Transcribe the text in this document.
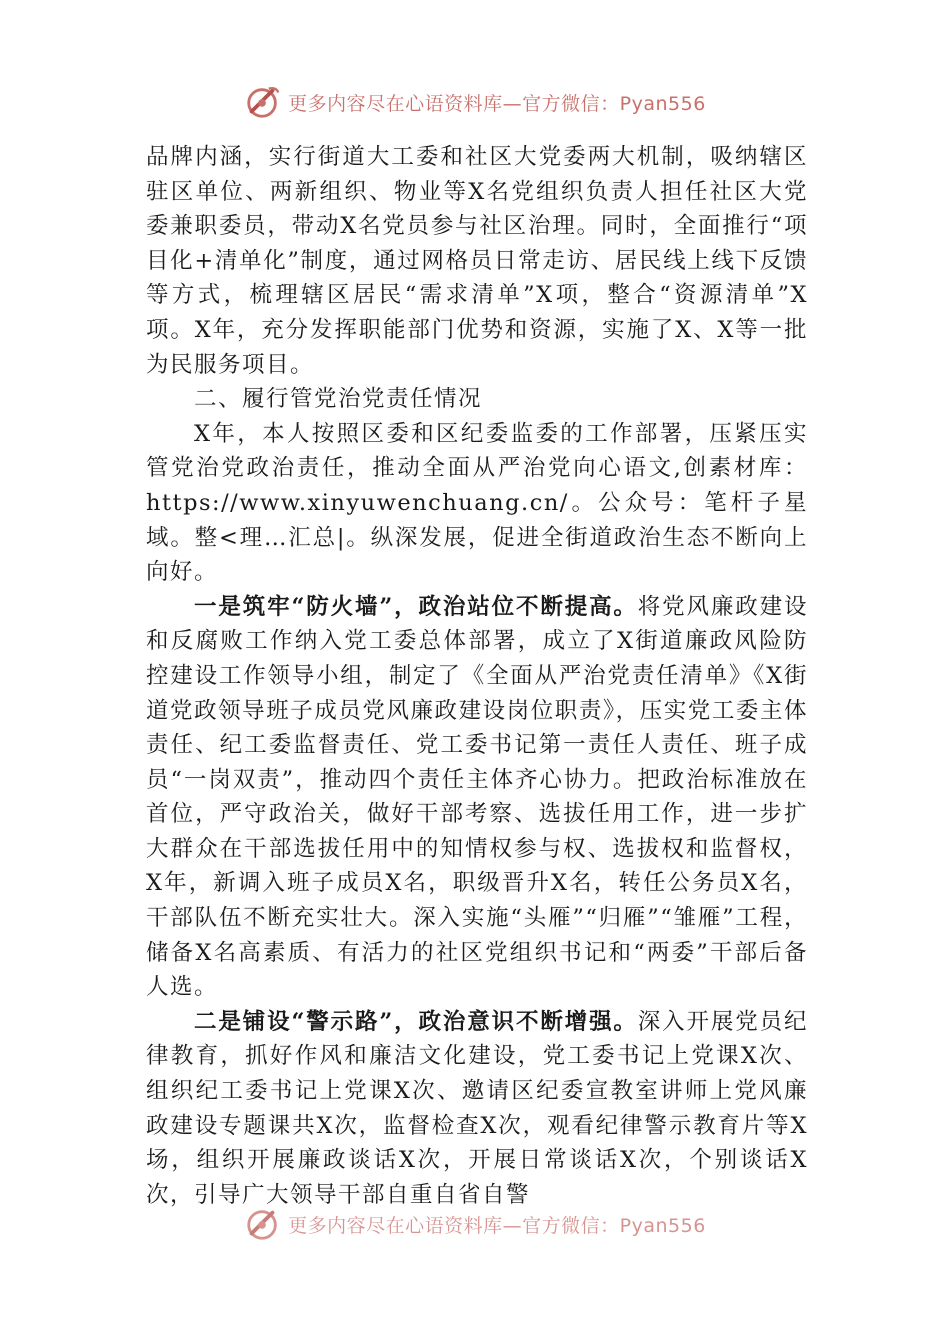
更多内容尽在心语资料库—官方微信：Pyan556

品牌内涵，实行街道大工委和社区大党委两大机制，吸纳辖区驻区单位、两新组织、物业等X名党组织负责人担任社区大党委兼职委员，带动X名党员参与社区治理。同时，全面推行“项目化+清单化”制度，通过网格员日常走访、居民线上线下反馈等方式，梳理辖区居民“需求清单”X项，整合“资源清单”X项。X年，充分发挥职能部门优势和资源，实施了X、X等一批为民服务项目。

二、履行管党治党责任情况

X年，本人按照区委和区纪委监委的工作部署，压紧压实管党治党政治责任，推动全面从严治党向心语文,创素材库：https://www.xinyuwenchuang.cn/。公众号：笔杆子星域。整<理…汇总|。纵深发展，促进全街道政治生态不断向上向好。

一是筑牢“防火墙”，政治站位不断提高。将党风廉政建设和反腐败工作纳入党工委总体部署，成立了X街道廉政风险防控建设工作领导小组，制定了《全面从严治党责任清单》《X街道党政领导班子成员党风廉政建设岗位职责》，压实党工委主体责任、纪工委监督责任、党工委书记第一责任人责任、班子成员“一岗双责”，推动四个责任主体齐心协力。把政治标准放在首位，严守政治关，做好干部考察、选拔任用工作，进一步扩大群众在干部选拔任用中的知情权参与权、选拔权和监督权，X年，新调入班子成员X名，职级晋升X名，转任公务员X名，干部队伍不断充实壮大。深入实施“头雁”“归雁”“雏雁”工程，储备X名高素质、有活力的社区党组织书记和“两委”干部后备人选。

二是铺设“警示路”，政治意识不断增强。深入开展党员纪律教育，抓好作风和廉洁文化建设，党工委书记上党课X次、组织纪工委书记上党课X次、邀请区纪委宣教室讲师上党风廉政建设专题课共X次，监督检查X次，观看纪律警示教育片等X场，组织开展廉政谈话X次，开展日常谈话X次，个别谈话X次，引导广大领导干部自重自省自警

更多内容尽在心语资料库—官方微信：Pyan556
